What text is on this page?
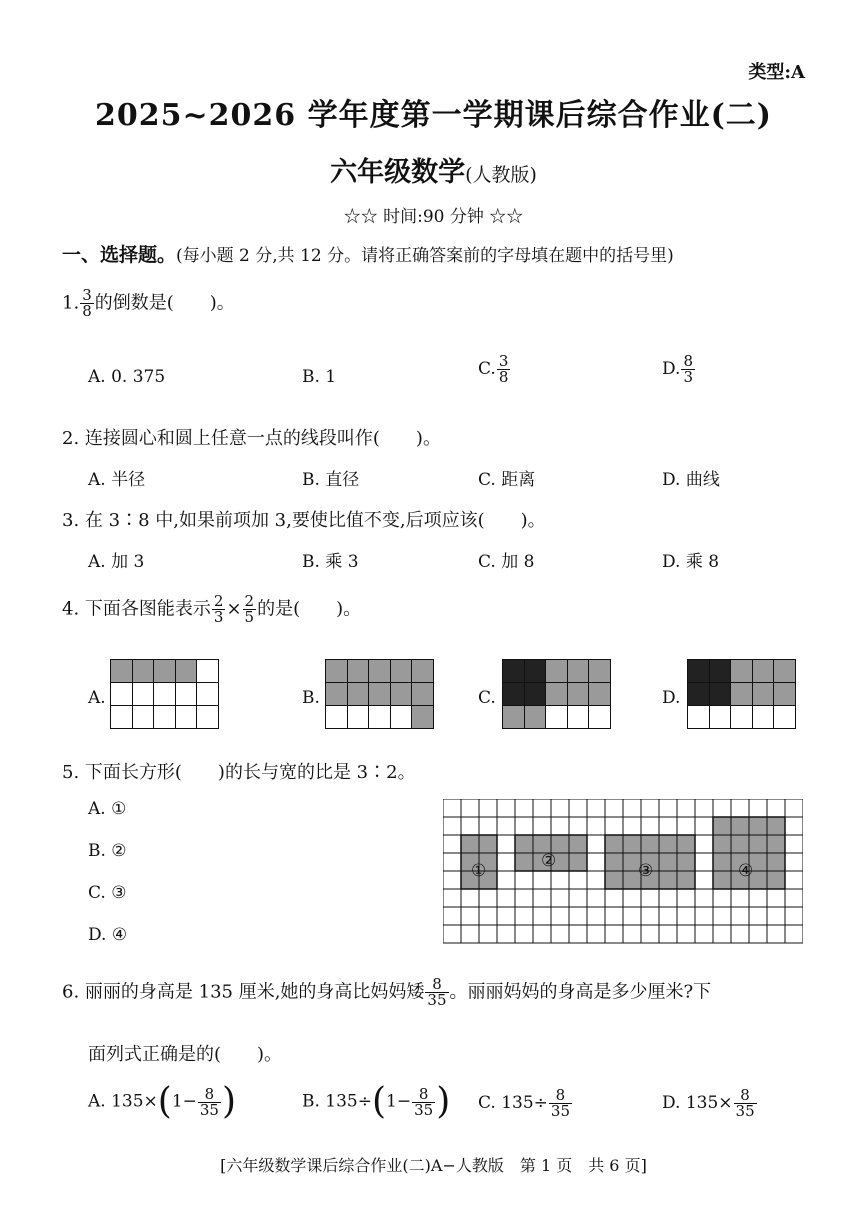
类型:A
2025~2026 学年度第一学期课后综合作业(二)
六年级数学(人教版)
☆☆ 时间:90 分钟 ☆☆
一、选择题。(每小题 2 分,共 12 分。请将正确答案前的字母填在题中的括号里)
1. $\frac{3}{8}$ 的倒数是(　　)。
A. 0. 375	B. 1	C. $\frac{3}{8}$	D. $\frac{8}{3}$
2. 连接圆心和圆上任意一点的线段叫作(　　)。
A. 半径	B. 直径	C. 距离	D. 曲线
3. 在 3∶8 中,如果前项加 3,要使比值不变,后项应该(　　)。
A. 加 3	B. 乘 3	C. 加 8	D. 乘 8
4. 下面各图能表示 $\frac{2}{3} \times \frac{2}{5}$ 的是(　　)。
A.	B.	C.	D.
5. 下面长方形(　　)的长与宽的比是 3∶2。
A. ①
B. ②
C. ③
D. ④
①	②	③	④
6. 丽丽的身高是 135 厘米,她的身高比妈妈矮 $\frac{8}{35}$ 。丽丽妈妈的身高是多少厘米?下
面列式正确是的(　　)。
A. $135\times(1- \frac{8}{35}$ )	B. $135\div(1- \frac{8}{35}$ ) C. $135\div \frac{8}{35}$	D. $135\times \frac{8}{35}$
[六年级数学课后综合作业(二)A−人教版　第 1 页　共 6 页]
